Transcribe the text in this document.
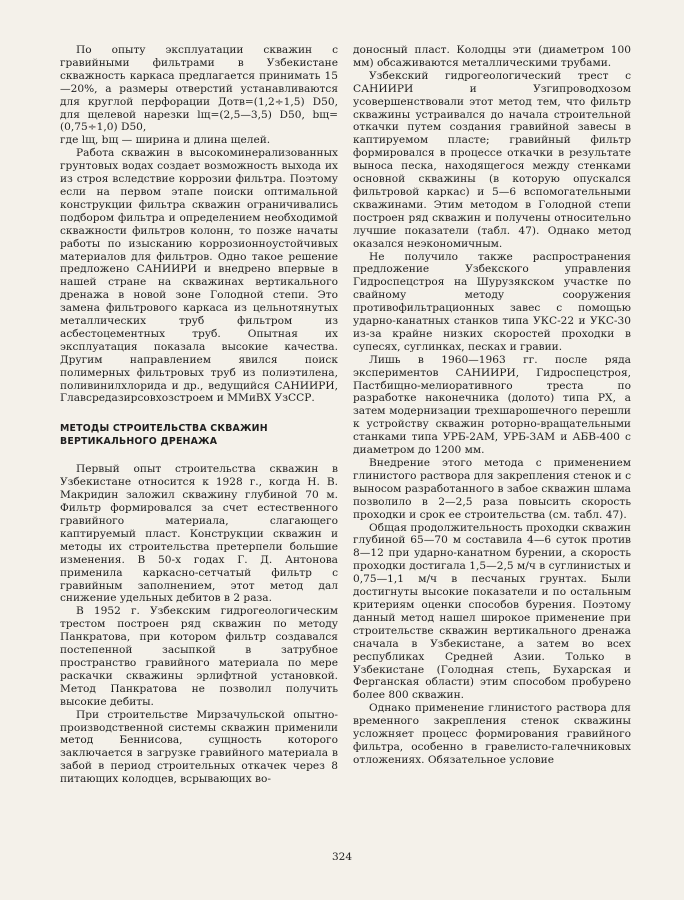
По опыту эксплуатации скважин с гравийными фильтрами в Узбекистане скважность каркаса предлагается принимать 15—20%, а размеры отверстий устанавливаются для круглой перфорации Дотв=(1,2÷1,5) D50, для щелевой нарезки lщ=(2,5—3,5) D50, bщ=(0,75÷1,0) D50,

где lщ, bщ — ширина и длина щелей.

Работа скважин в высокоминерализованных грунтовых водах создает возможность выхода их из строя вследствие коррозии фильтра. Поэтому если на первом этапе поиски оптимальной конструкции фильтра скважин ограничивались подбором фильтра и определением необходимой скважности фильтров колонн, то позже начаты работы по изысканию коррозионноустойчивых материалов для фильтров. Одно такое решение предложено САНИИРИ и внедрено впервые в нашей стране на скважинах вертикального дренажа в новой зоне Голодной степи. Это замена фильтрового каркаса из цельнотянутых металлических труб фильтром из асбестоцементных труб. Опытная их эксплуатация показала высокие качества. Другим направлением явился поиск полимерных фильтровых труб из полиэтилена, поливинилхлорида и др., ведущийся САНИИРИ, Главсредазирсовхозстроем и ММиВХ УзССР.

МЕТОДЫ СТРОИТЕЛЬСТВА СКВАЖИН ВЕРТИКАЛЬНОГО ДРЕНАЖА

Первый опыт строительства скважин в Узбекистане относится к 1928 г., когда Н. В. Макридин заложил скважину глубиной 70 м. Фильтр формировался за счет естественного гравийного материала, слагающего каптируемый пласт. Конструкции скважин и методы их строительства претерпели большие изменения. В 50-х годах Г. Д. Антонова применила каркасно-сетчатый фильтр с гравийным заполнением, этот метод дал снижение удельных дебитов в 2 раза.

В 1952 г. Узбекским гидрогеологическим трестом построен ряд скважин по методу Панкратова, при котором фильтр создавался постепенной засыпкой в затрубное пространство гравийного материала по мере раскачки скважины эрлифтной установкой. Метод Панкратова не позволил получить высокие дебиты.

При строительстве Мирзачульской опытно-производственной системы скважин применили метод Беннисова, сущность которого заключается в загрузке гравийного материала в забой в период строительных откачек через 8 питающих колодцев, всрывающих во-

доносный пласт. Колодцы эти (диаметром 100 мм) обсаживаются металлическими трубами.

Узбекский гидрогеологический трест с САНИИРИ и Узгипроводхозом усовершенствовали этот метод тем, что фильтр скважины устраивался до начала строительной откачки путем создания гравийной завесы в каптируемом пласте; гравийный фильтр формировался в процессе откачки в результате выноса песка, находящегося между стенками основной скважины (в которую опускался фильтровой каркас) и 5—6 вспомогательными скважинами. Этим методом в Голодной степи построен ряд скважин и получены относительно лучшие показатели (табл. 47). Однако метод оказался неэкономичным.

Не получило также распространения предложение Узбекского управления Гидроспецстроя на Шурузякском участке по свайному методу сооружения противофильтрационных завес с помощью ударно-канатных станков типа УКС-22 и УКС-30 из-за крайне низких скоростей проходки в супесях, суглинках, песках и гравии.

Лишь в 1960—1963 гг. после ряда экспериментов САНИИРИ, Гидроспецстроя, Пастбищно-мелиоративного треста по разработке наконечника (долото) типа РХ, а затем модернизации трехшарошечного перешли к устройству скважин роторно-вращательными станками типа УРБ-2АМ, УРБ-3АМ и АБВ-400 с диаметром до 1200 мм.

Внедрение этого метода с применением глинистого раствора для закрепления стенок и с выносом разработанного в забое скважин шлама позволило в 2—2,5 раза повысить скорость проходки и срок ее строительства (см. табл. 47).

Общая продолжительность проходки скважин глубиной 65—70 м составила 4—6 суток против 8—12 при ударно-канатном бурении, а скорость проходки достигала 1,5—2,5 м/ч в суглинистых и 0,75—1,1 м/ч в песчаных грунтах. Были достигнуты высокие показатели и по остальным критериям оценки способов бурения. Поэтому данный метод нашел широкое применение при строительстве скважин вертикального дренажа сначала в Узбекистане, а затем во всех республиках Средней Азии. Только в Узбекистане (Голодная степь, Бухарская и Ферганская области) этим способом пробурено более 800 скважин.

Однако применение глинистого раствора для временного закрепления стенок скважины усложняет процесс формирования гравийного фильтра, особенно в гравелисто-галечниковых отложениях. Обязательное условие

324
